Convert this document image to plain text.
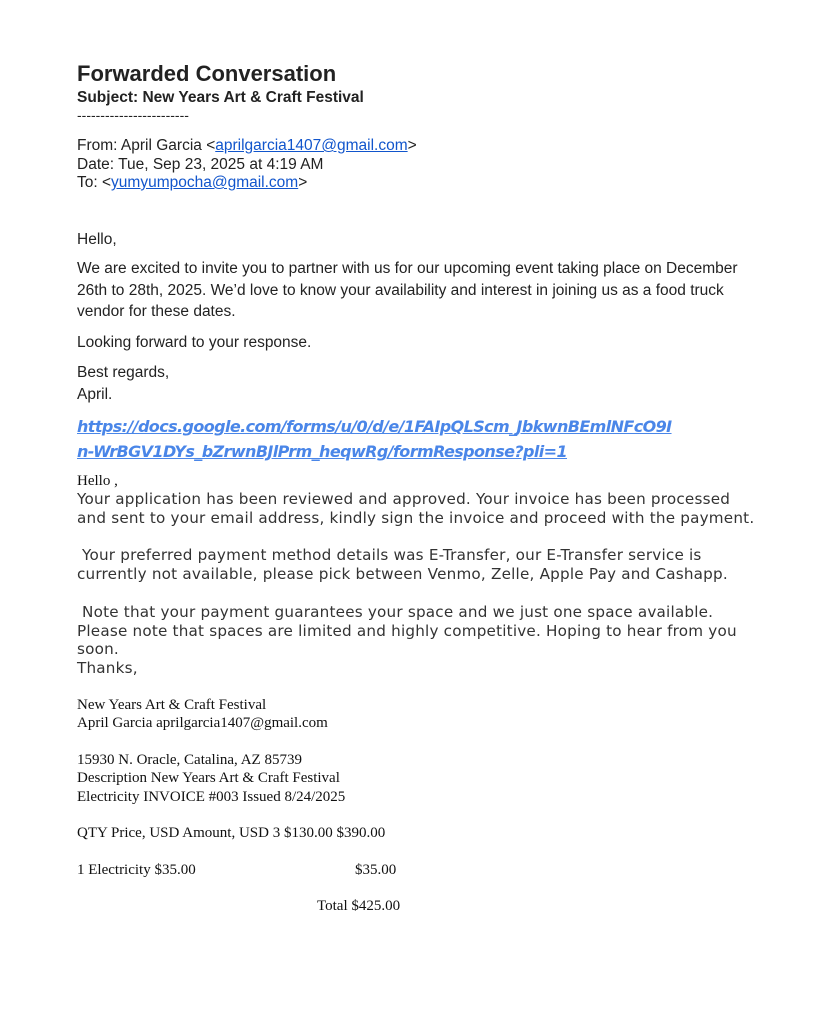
Forwarded Conversation
Subject: New Years Art & Craft Festival
------------------------
From: April Garcia <aprilgarcia1407@gmail.com>
Date: Tue, Sep 23, 2025 at 4:19 AM
To: <yumyumpocha@gmail.com>

Hello,

We are excited to invite you to partner with us for our upcoming event taking place on December 26th to 28th, 2025. We’d love to know your availability and interest in joining us as a food truck vendor for these dates.

Looking forward to your response.

Best regards,

April.

https://docs.google.com/forms/u/0/d/e/1FAIpQLScm_JbkwnBEmlNFcO9In-WrBGV1DYs_bZrwnBJlPrm_heqwRg/formResponse?pli=1
Hello ,
Your application has been reviewed and approved. Your invoice has been processed and sent to your email address, kindly sign the invoice and proceed with the payment.
Your preferred payment method details was E-Transfer, our E-Transfer service is currently not available, please pick between Venmo, Zelle, Apple Pay and Cashapp.
Note that your payment guarantees your space and we just one space available. Please note that spaces are limited and highly competitive. Hoping to hear from you soon.
Thanks,
New Years Art & Craft Festival
April Garcia aprilgarcia1407@gmail.com
15930 N. Oracle, Catalina, AZ 85739
Description New Years Art & Craft Festival
Electricity INVOICE #003 Issued 8/24/2025
QTY Price, USD Amount, USD 3 $130.00 $390.00
1 Electricity $35.00	$35.00
Total $425.00
